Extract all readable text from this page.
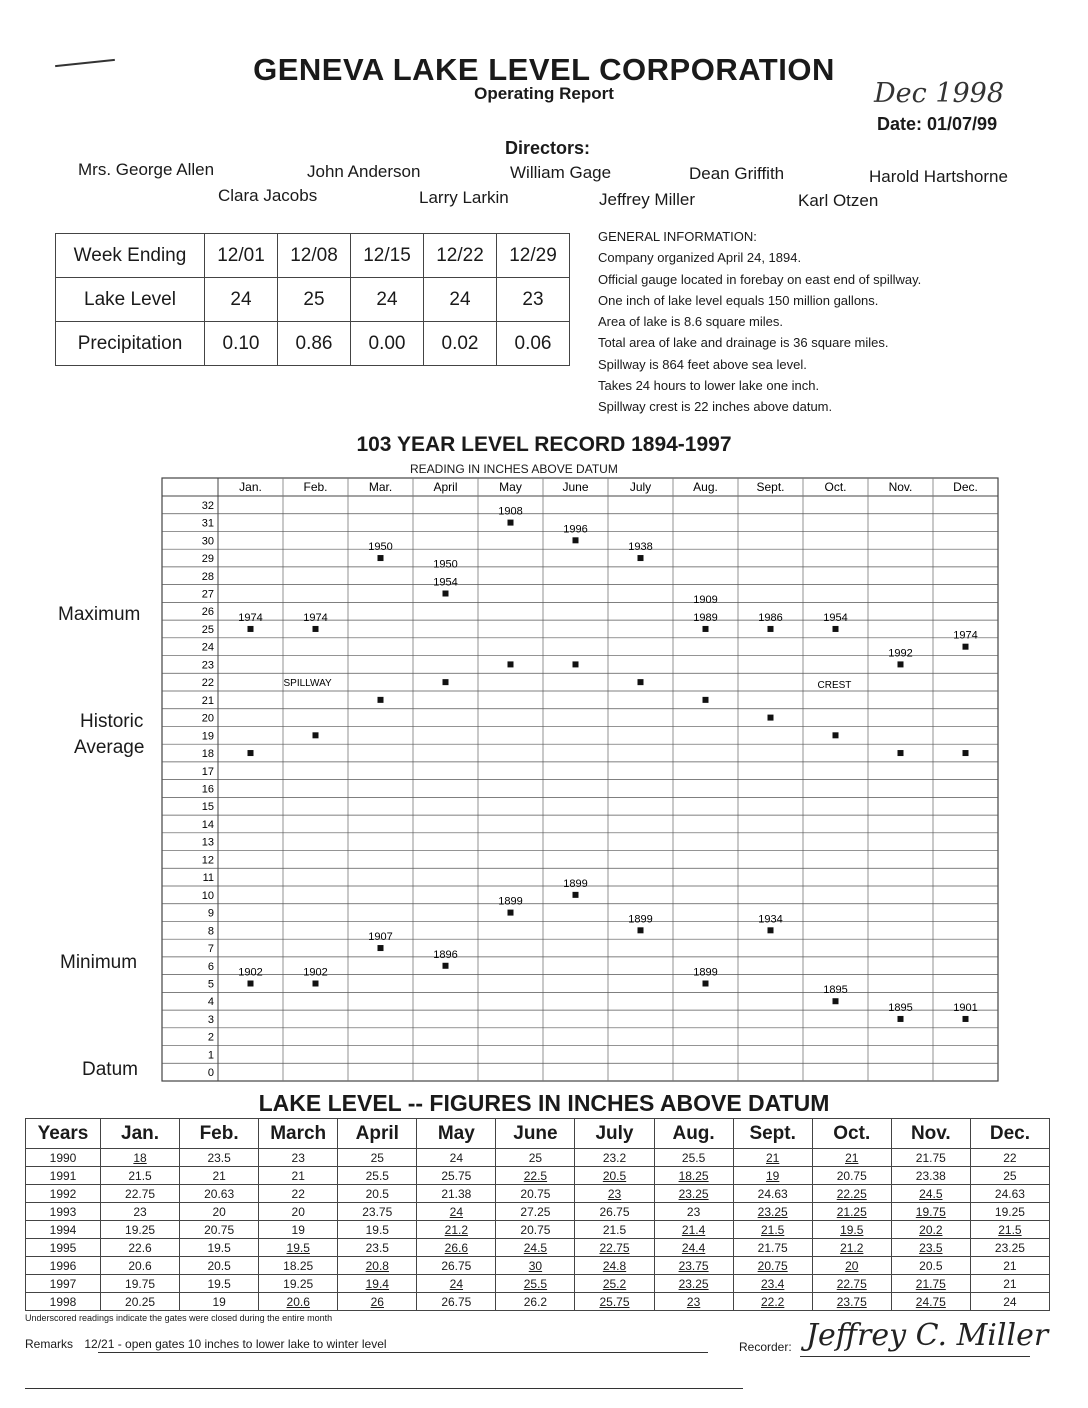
GENEVA LAKE LEVEL CORPORATION
Operating Report	Dec 1998
Date: 01/07/99
Directors:
Mrs. George Allen	John Anderson	William Gage	Dean Griffith	Harold Hartshorne
Clara Jacobs	Larry Larkin	Jeffrey Miller	Karl Otzen
Week Ending	12/01	12/08	12/15	12/22	12/29
Lake Level	24	25	24	24	23
Precipitation	0.10	0.86	0.00	0.02	0.06
GENERAL INFORMATION:
Company organized April 24, 1894.
Official gauge located in forebay on east end of spillway.
One inch of lake level equals 150 million gallons.
Area of lake is 8.6 square miles.
Total area of lake and drainage is 36 square miles.
Spillway is 864 feet above sea level.
Takes 24 hours to lower lake one inch.
Spillway crest is 22 inches above datum.
103 YEAR LEVEL RECORD 1894-1997
READING IN INCHES ABOVE DATUM
Maximum
Historic
Average
Minimum
Datum
Jan.	Feb.	Mar.	April	May	June	July	Aug.	Sept.	Oct.	Nov.	Dec.
32
31
30
29
28
27
26
25
24
23
22
21
20
19
18
17
16
15
14
13
12
11
10
9
8
7
6
5
4
3
2
1
0
SPILLWAY	CREST
1974	1974
1950
1950
1954
1908
1996
1938
1909
1989	1986	1954
1992
1974
1902	1902
1907
1896
1899
1899
1899
1899
1934
1895
1895	1901
LAKE LEVEL -- FIGURES IN INCHES ABOVE DATUM
Years	Jan.	Feb.	March	April	May	June	July	Aug.	Sept.	Oct.	Nov.	Dec.
1990	18	23.5	23	25	24	25	23.2	25.5	21	21	21.75	22
1991	21.5	21	21	25.5	25.75	22.5	20.5	18.25	19	20.75	23.38	25
1992	22.75	20.63	22	20.5	21.38	20.75	23	23.25	24.63	22.25	24.5	24.63
1993	23	20	20	23.75	24	27.25	26.75	23	23.25	21.25	19.75	19.25
1994	19.25	20.75	19	19.5	21.2	20.75	21.5	21.4	21.5	19.5	20.2	21.5
1995	22.6	19.5	19.5	23.5	26.6	24.5	22.75	24.4	21.75	21.2	23.5	23.25
1996	20.6	20.5	18.25	20.8	26.75	30	24.8	23.75	20.75	20	20.5	21
1997	19.75	19.5	19.25	19.4	24	25.5	25.2	23.25	23.4	22.75	21.75	21
1998	20.25	19	20.6	26	26.75	26.2	25.75	23	22.2	23.75	24.75	24
Underscored readings indicate the gates were closed during the entire month
Remarks 12/21 - open gates 10 inches to lower lake to winter level	Recorder: Jeffrey C. Miller
